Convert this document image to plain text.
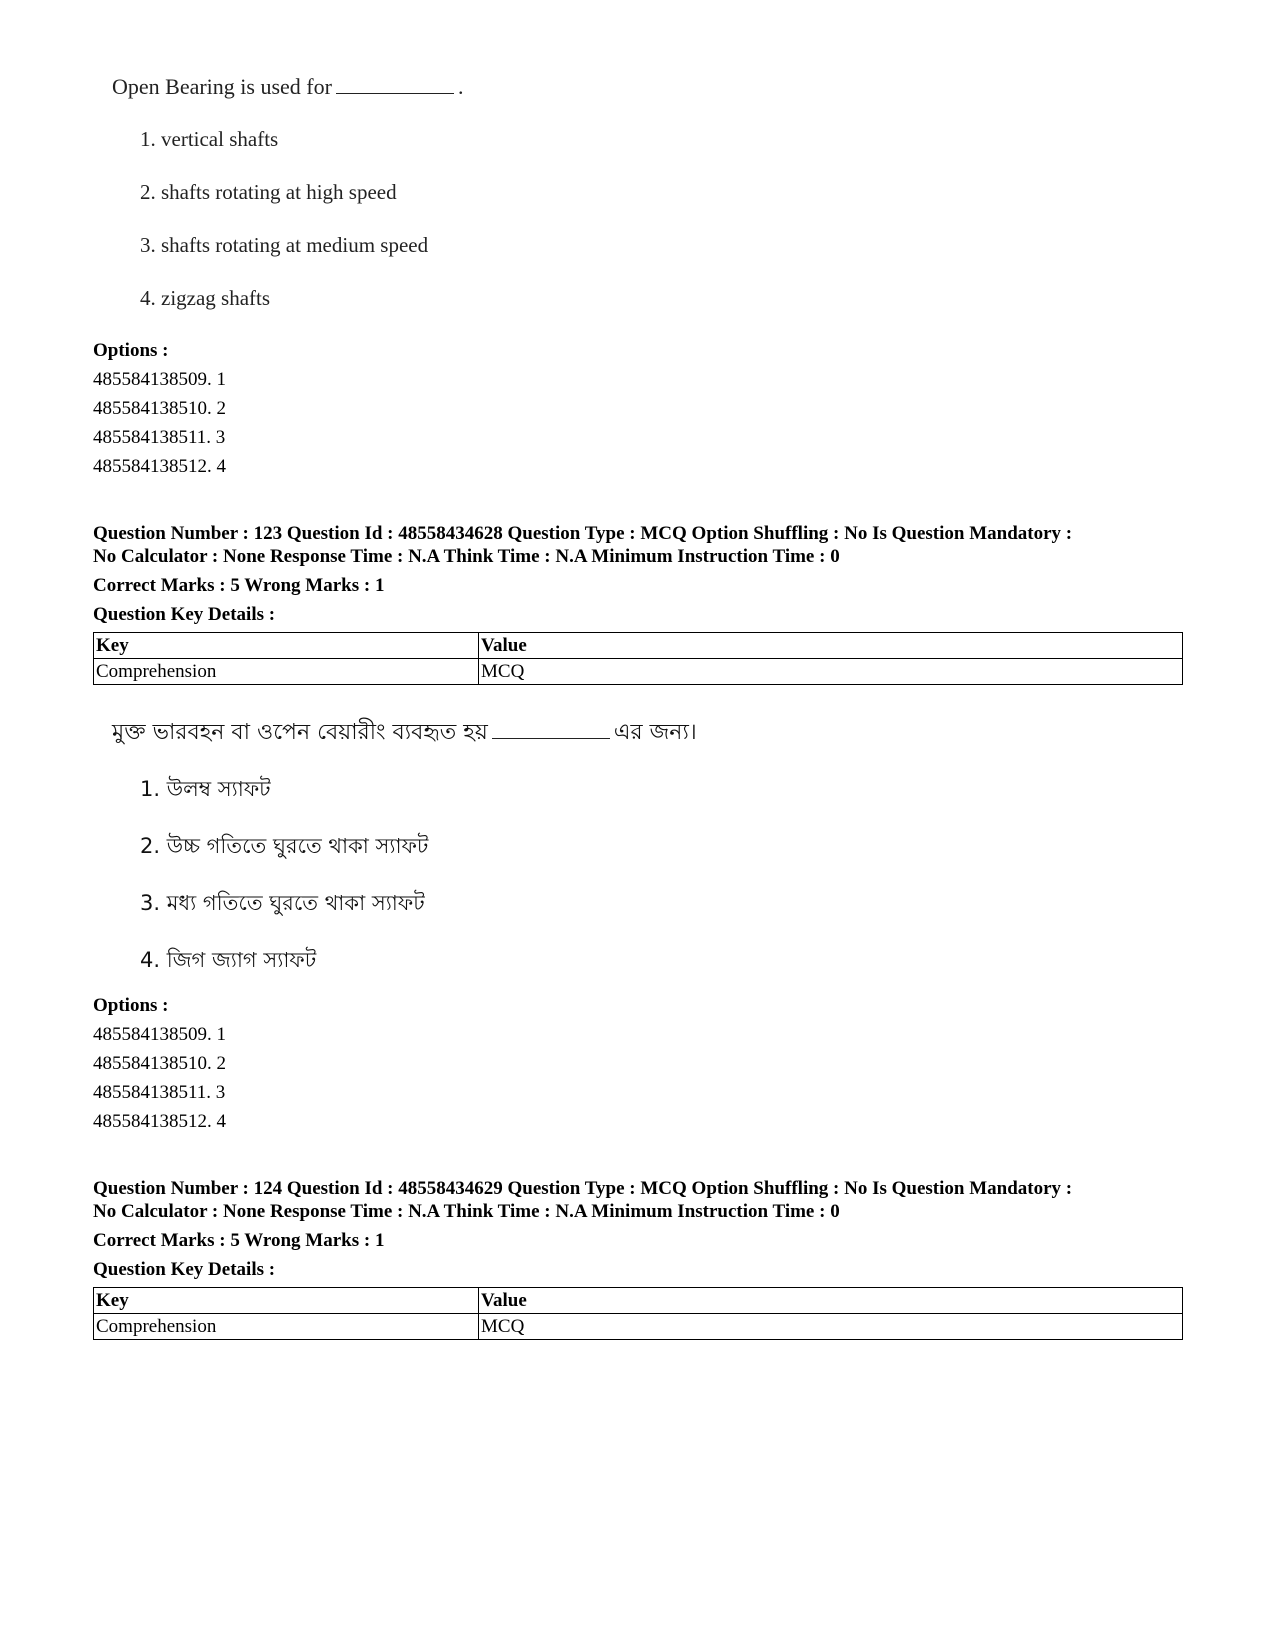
Open Bearing is used for	.
1. vertical shafts
2. shafts rotating at high speed
3. shafts rotating at medium speed
4. zigzag shafts
Options :
485584138509. 1
485584138510. 2
485584138511. 3
485584138512. 4
Question Number : 123 Question Id : 48558434628 Question Type : MCQ Option Shuffling : No Is Question Mandatory :
No Calculator : None Response Time : N.A Think Time : N.A Minimum Instruction Time : 0
Correct Marks : 5 Wrong Marks : 1
Question Key Details :
Key	Value
Comprehension	MCQ
মুক্ত ভারবহন বা ওপেন বেয়ারীং ব্যবহৃত হয়	এর জন্য।
1. উলম্ব স্যাফট
2. উচ্চ গতিতে ঘুরতে থাকা স্যাফট
3. মধ্য গতিতে ঘুরতে থাকা স্যাফট
4. জিগ জ্যাগ স্যাফট
Options :
485584138509. 1
485584138510. 2
485584138511. 3
485584138512. 4
Question Number : 124 Question Id : 48558434629 Question Type : MCQ Option Shuffling : No Is Question Mandatory :
No Calculator : None Response Time : N.A Think Time : N.A Minimum Instruction Time : 0
Correct Marks : 5 Wrong Marks : 1
Question Key Details :
Key	Value
Comprehension	MCQ
